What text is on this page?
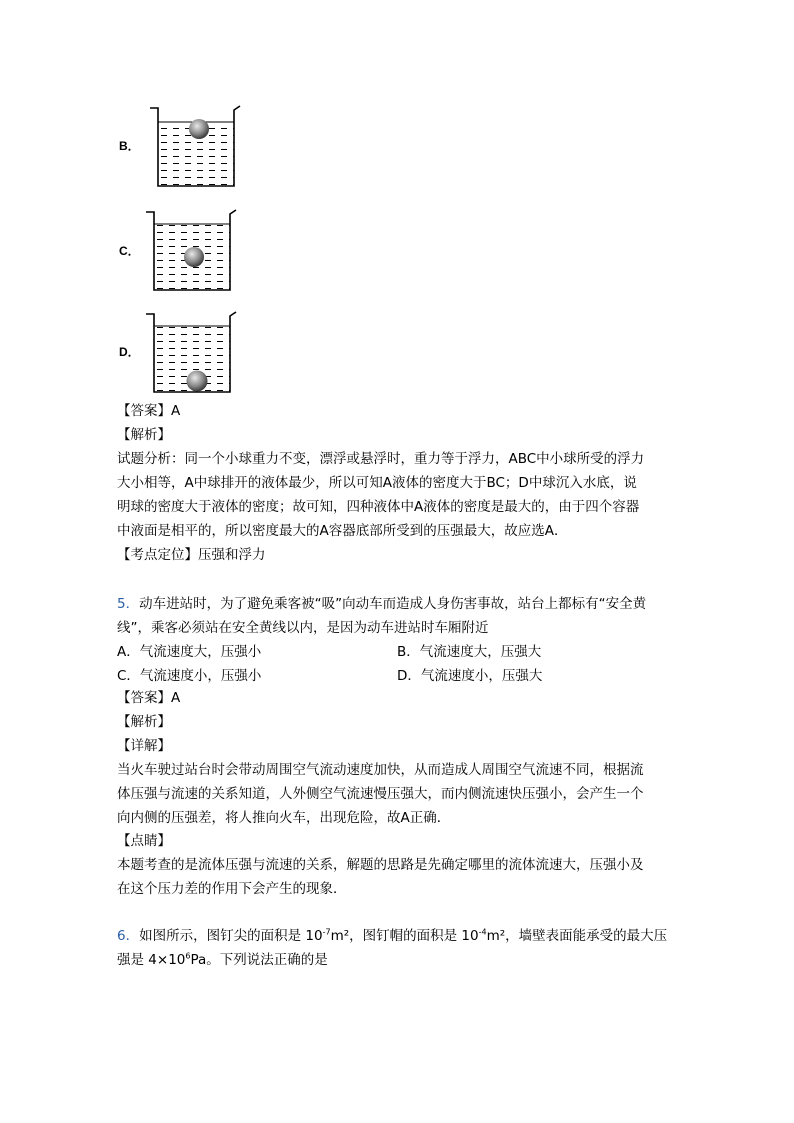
B．
C．
D．
【答案】A
【解析】
试题分析：同一个小球重力不变，漂浮或悬浮时，重力等于浮力，ABC中小球所受的浮力
大小相等，A中球排开的液体最少，所以可知A液体的密度大于BC；D中球沉入水底，说
明球的密度大于液体的密度；故可知，四种液体中A液体的密度是最大的，由于四个容器
中液面是相平的，所以密度最大的A容器底部所受到的压强最大，故应选A．
【考点定位】压强和浮力
5．动车进站时，为了避免乘客被“吸”向动车而造成人身伤害事故，站台上都标有“安全黄
线”，乘客必须站在安全黄线以内，是因为动车进站时车厢附近
A．气流速度大，压强小	B．气流速度大，压强大
C．气流速度小，压强小	D．气流速度小，压强大
【答案】A
【解析】
【详解】
当火车驶过站台时会带动周围空气流动速度加快，从而造成人周围空气流速不同，根据流
体压强与流速的关系知道，人外侧空气流速慢压强大，而内侧流速快压强小，会产生一个
向内侧的压强差，将人推向火车，出现危险，故A正确．
【点睛】
本题考查的是流体压强与流速的关系，解题的思路是先确定哪里的流体流速大，压强小及
在这个压力差的作用下会产生的现象．
6．如图所示，图钉尖的面积是 $10^{-7}m^2$，图钉帽的面积是 $10^{-4}m^2$，墙壁表面能承受的最大压
强是 $4\times 10^6Pa$。下列说法正确的是
